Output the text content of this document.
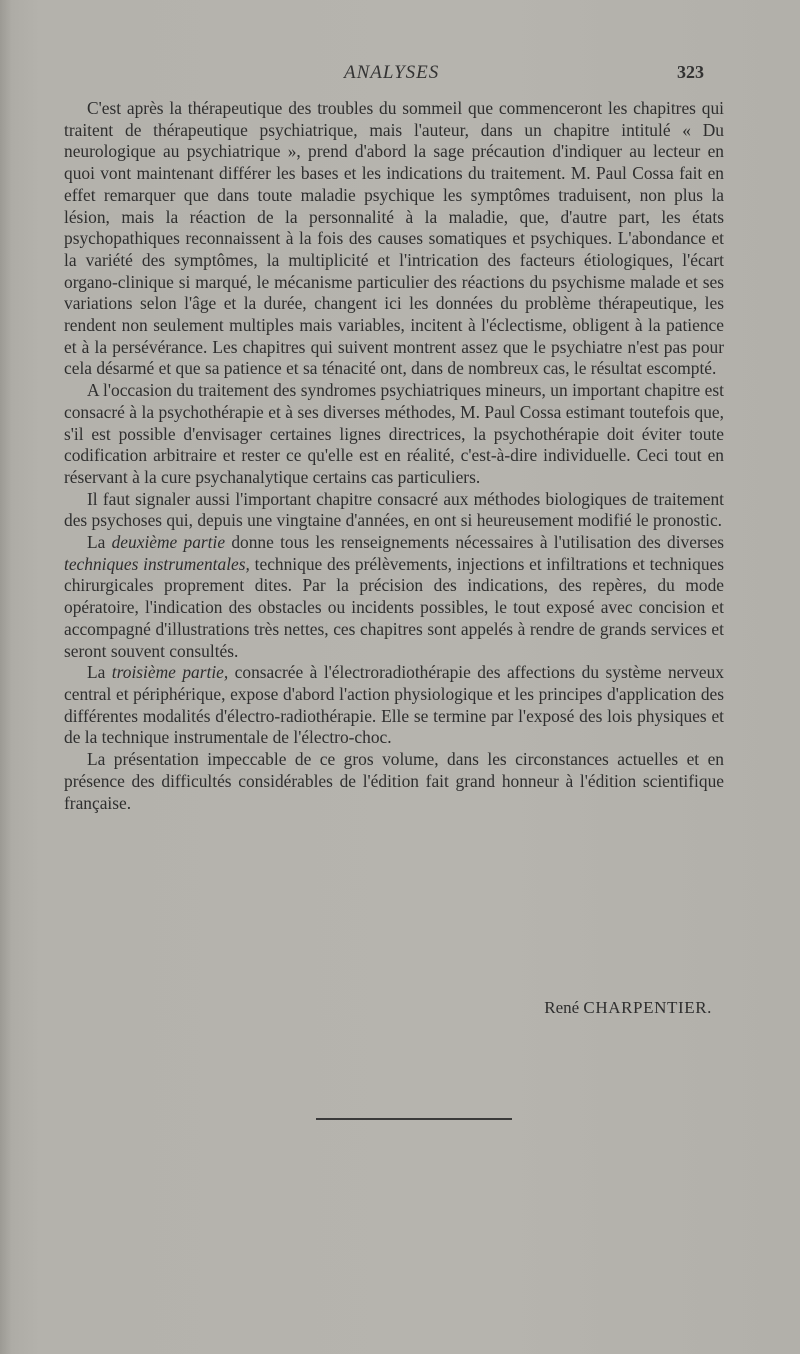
ANALYSES	323

C'est après la thérapeutique des troubles du sommeil que commenceront les chapitres qui traitent de thérapeutique psychiatrique, mais l'auteur, dans un chapitre intitulé « Du neurologique au psychiatrique », prend d'abord la sage précaution d'indiquer au lecteur en quoi vont maintenant différer les bases et les indications du traitement. M. Paul Cossa fait en effet remarquer que dans toute maladie psychique les symptômes traduisent, non plus la lésion, mais la réaction de la personnalité à la maladie, que, d'autre part, les états psychopathiques reconnaissent à la fois des causes somatiques et psychiques. L'abondance et la variété des symptômes, la multiplicité et l'intrication des facteurs étiologiques, l'écart organo-clinique si marqué, le mécanisme particulier des réactions du psychisme malade et ses variations selon l'âge et la durée, changent ici les données du problème thérapeutique, les rendent non seulement multiples mais variables, incitent à l'éclectisme, obligent à la patience et à la persévérance. Les chapitres qui suivent montrent assez que le psychiatre n'est pas pour cela désarmé et que sa patience et sa ténacité ont, dans de nombreux cas, le résultat escompté.

A l'occasion du traitement des syndromes psychiatriques mineurs, un important chapitre est consacré à la psychothérapie et à ses diverses méthodes, M. Paul Cossa estimant toutefois que, s'il est possible d'envisager certaines lignes directrices, la psychothérapie doit éviter toute codification arbitraire et rester ce qu'elle est en réalité, c'est-à-dire individuelle. Ceci tout en réservant à la cure psychanalytique certains cas particuliers.

Il faut signaler aussi l'important chapitre consacré aux méthodes biologiques de traitement des psychoses qui, depuis une vingtaine d'années, en ont si heureusement modifié le pronostic.

La deuxième partie donne tous les renseignements nécessaires à l'utilisation des diverses techniques instrumentales, technique des prélèvements, injections et infiltrations et techniques chirurgicales proprement dites. Par la précision des indications, des repères, du mode opératoire, l'indication des obstacles ou incidents possibles, le tout exposé avec concision et accompagné d'illustrations très nettes, ces chapitres sont appelés à rendre de grands services et seront souvent consultés.

La troisième partie, consacrée à l'électroradiothérapie des affections du système nerveux central et périphérique, expose d'abord l'action physiologique et les principes d'application des différentes modalités d'électro-radiothérapie. Elle se termine par l'exposé des lois physiques et de la technique instrumentale de l'électro-choc.

La présentation impeccable de ce gros volume, dans les circonstances actuelles et en présence des difficultés considérables de l'édition fait grand honneur à l'édition scientifique française.

René CHARPENTIER.
